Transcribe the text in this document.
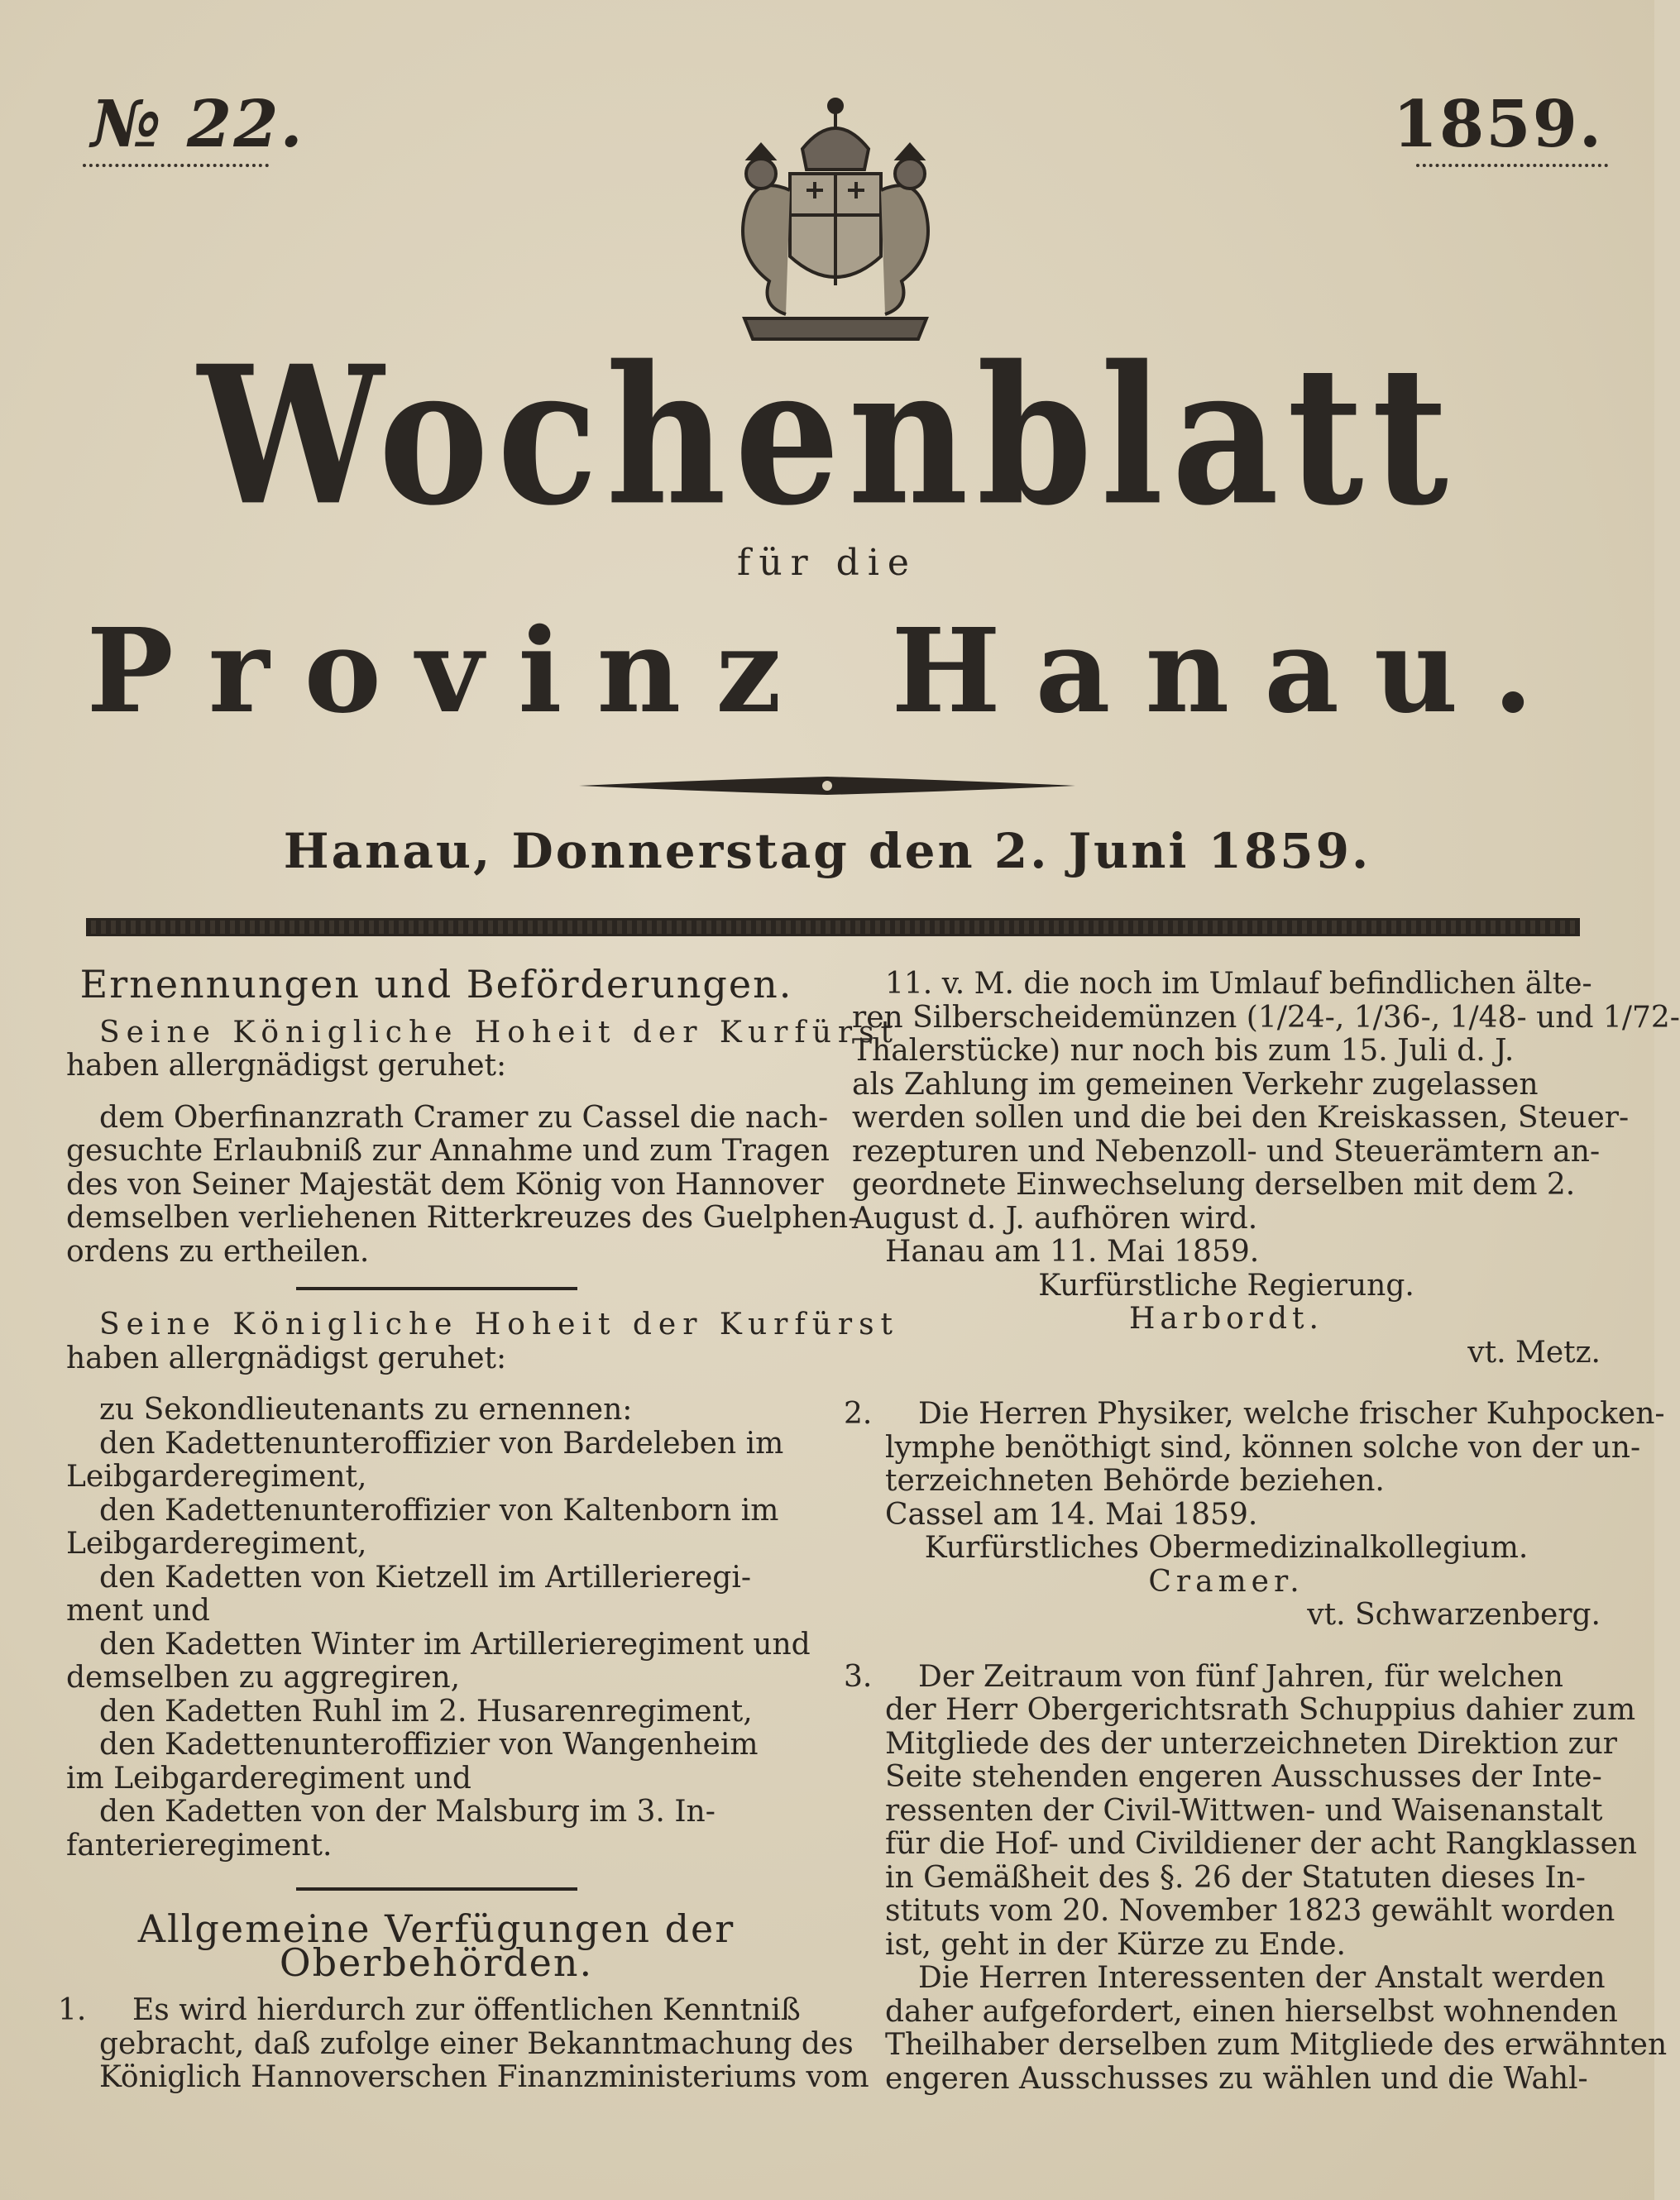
№ 22.	1859.
Wochenblatt
für die
Provinz Hanau.
Hanau, Donnerstag den 2. Juni 1859.
Ernennungen und Beförderungen.
Seine Königliche Hoheit der Kurfürst
haben allergnädigst geruhet:
dem Oberfinanzrath Cramer zu Cassel die nach-
gesuchte Erlaubniß zur Annahme und zum Tragen
des von Seiner Majestät dem König von Hannover
demselben verliehenen Ritterkreuzes des Guelphen-
ordens zu ertheilen.
Seine Königliche Hoheit der Kurfürst
haben allergnädigst geruhet:
zu Sekondlieutenants zu ernennen:
den Kadettenunteroffizier von Bardeleben im
Leibgarderegiment,
den Kadettenunteroffizier von Kaltenborn im
Leibgarderegiment,
den Kadetten von Kietzell im Artillerieregi-
ment und
den Kadetten Winter im Artillerieregiment und
demselben zu aggregiren,
den Kadetten Ruhl im 2. Husarenregiment,
den Kadettenunteroffizier von Wangenheim
im Leibgarderegiment und
den Kadetten von der Malsburg im 3. In-
fanterieregiment.
Allgemeine Verfügungen der Oberbehörden.
1.	Es wird hierdurch zur öffentlichen Kenntniß
gebracht, daß zufolge einer Bekanntmachung des
Königlich Hannoverschen Finanzministeriums vom
11. v. M. die noch im Umlauf befindlichen älte-
ren Silberscheidemünzen (1/24-, 1/36-, 1/48- und 1/72-
Thalerstücke) nur noch bis zum 15. Juli d. J.
als Zahlung im gemeinen Verkehr zugelassen
werden sollen und die bei den Kreiskassen, Steuer-
rezepturen und Nebenzoll- und Steuerämtern an-
geordnete Einwechselung derselben mit dem 2.
August d. J. aufhören wird.
Hanau am 11. Mai 1859.
Kurfürstliche Regierung.
Harbordt.
vt. Metz.
2.	Die Herren Physiker, welche frischer Kuhpocken-
lymphe benöthigt sind, können solche von der un-
terzeichneten Behörde beziehen.
Cassel am 14. Mai 1859.
Kurfürstliches Obermedizinalkollegium.
Cramer.
vt. Schwarzenberg.
3.	Der Zeitraum von fünf Jahren, für welchen
der Herr Obergerichtsrath Schuppius dahier zum
Mitgliede des der unterzeichneten Direktion zur
Seite stehenden engeren Ausschusses der Inte-
ressenten der Civil-Wittwen- und Waisenanstalt
für die Hof- und Civildiener der acht Rangklassen
in Gemäßheit des §. 26 der Statuten dieses In-
stituts vom 20. November 1823 gewählt worden
ist, geht in der Kürze zu Ende.
Die Herren Interessenten der Anstalt werden
daher aufgefordert, einen hierselbst wohnenden
Theilhaber derselben zum Mitgliede des erwähnten
engeren Ausschusses zu wählen und die Wahl-
